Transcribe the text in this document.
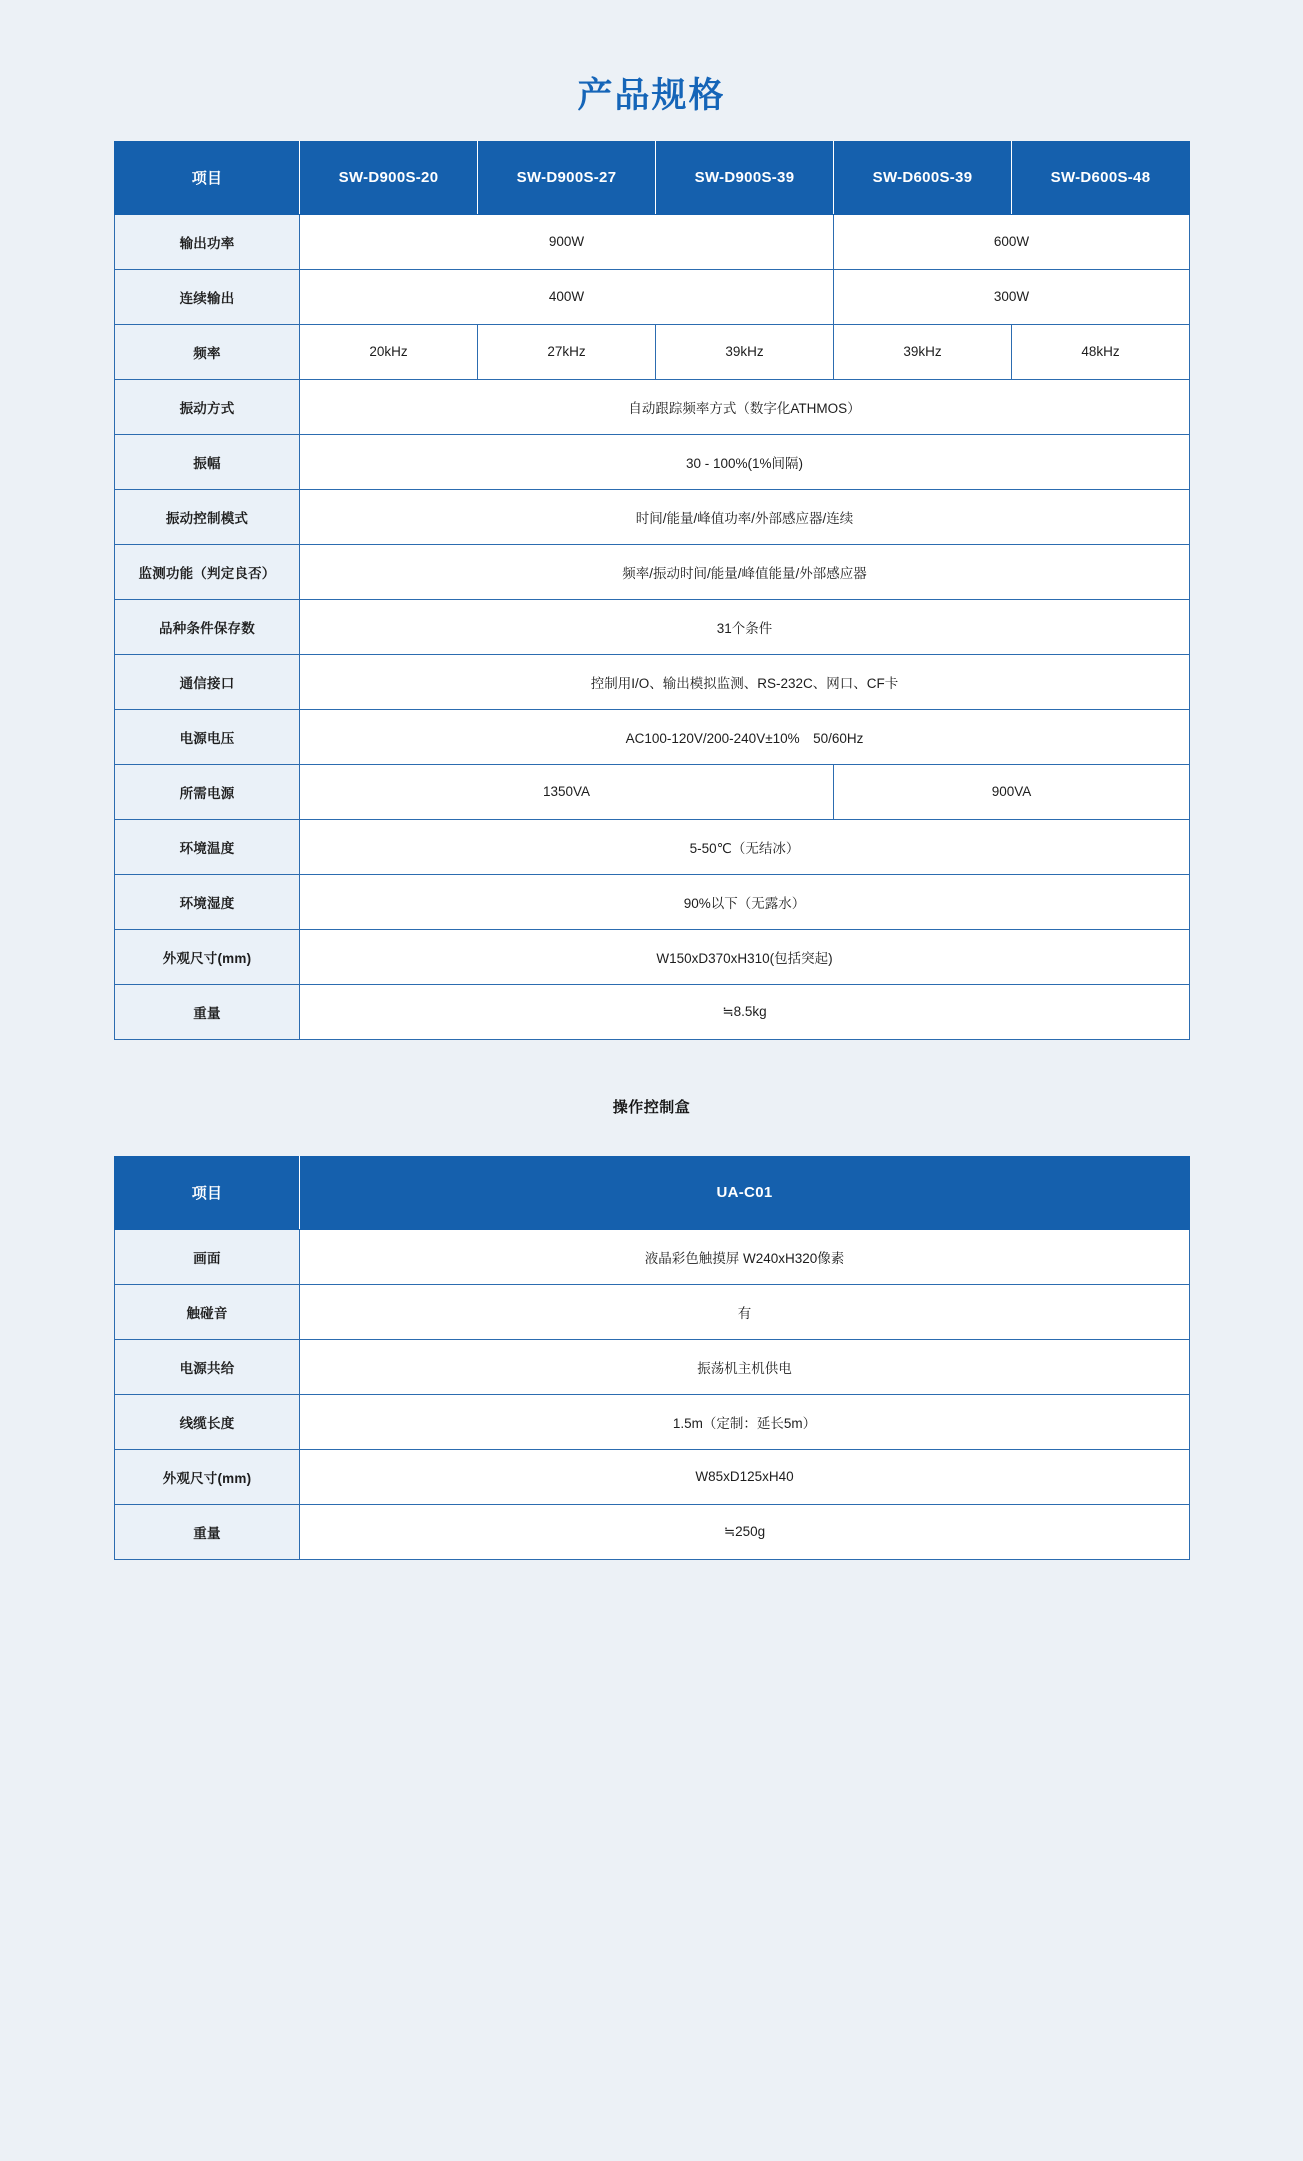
产品规格
项目	SW-D900S-20	SW-D900S-27	SW-D900S-39	SW-D600S-39	SW-D600S-48
输出功率	900W			600W	
连续输出	400W			300W	
频率	20kHz	27kHz	39kHz	39kHz	48kHz
振动方式	自动跟踪频率方式（数字化ATHMOS）				
振幅	30 - 100%(1%间隔)				
振动控制模式	时间/能量/峰值功率/外部感应器/连续				
监测功能（判定良否）	频率/振动时间/能量/峰值能量/外部感应器				
品种条件保存数	31个条件				
通信接口	控制用I/O、输出模拟监测、RS-232C、网口、CF卡				
电源电压	AC100-120V/200-240V±10%　50/60Hz				
所需电源	1350VA			900VA	
环境温度	5-50℃（无结冰）				
环境湿度	90%以下（无露水）				
外观尺寸(mm)	W150xD370xH310(包括突起)				
重量	≒8.5kg				
操作控制盒
项目	UA-C01
画面	液晶彩色触摸屏 W240xH320像素
触碰音	有
电源共给	振荡机主机供电
线缆长度	1.5m（定制：延长5m）
外观尺寸(mm)	W85xD125xH40
重量	≒250g
